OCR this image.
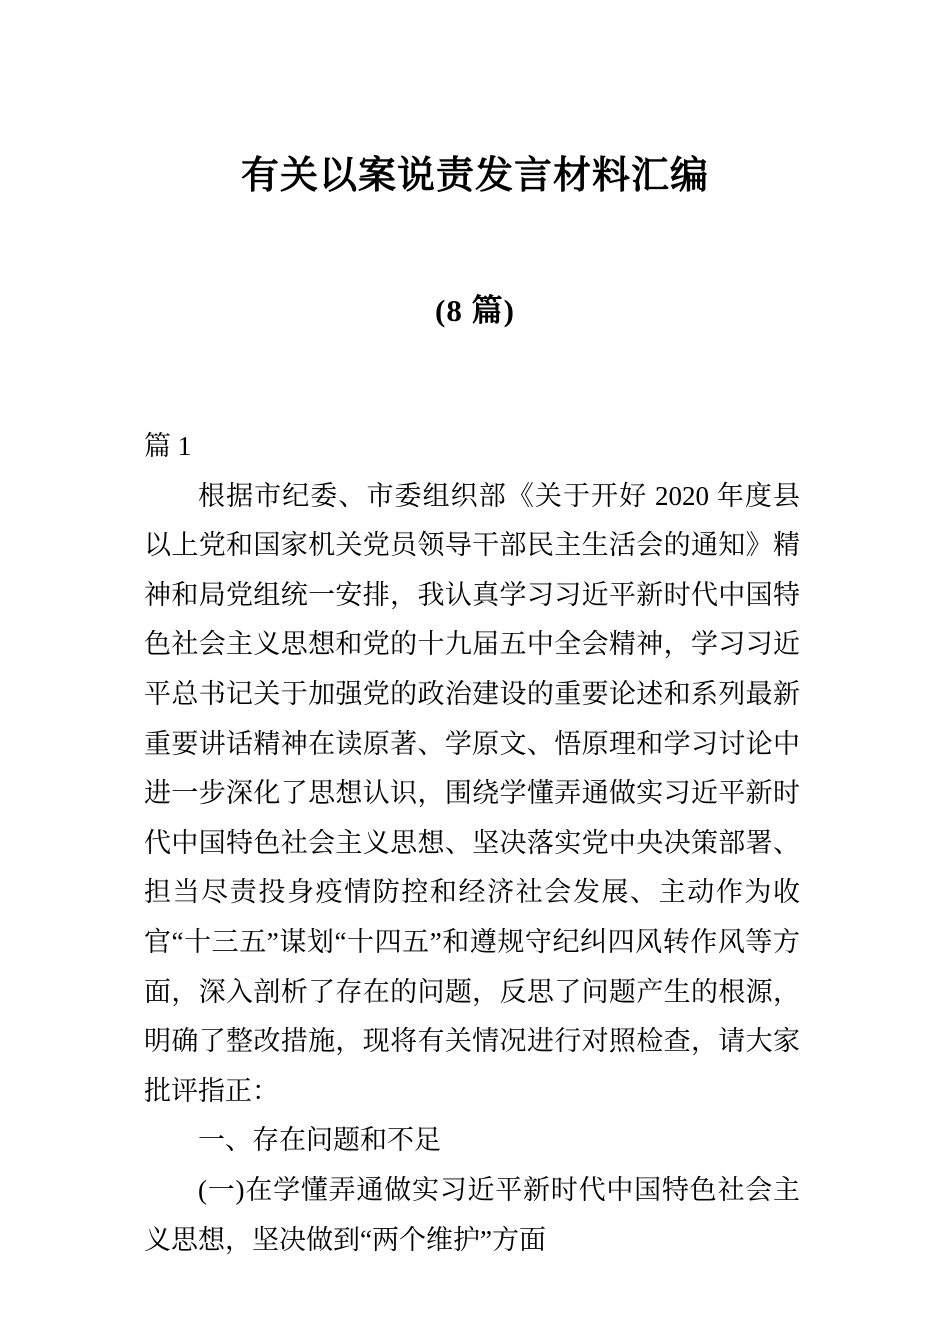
有关以案说责发言材料汇编
(8 篇)

篇 1

根据市纪委、市委组织部《关于开好 2020 年度县以上党和国家机关党员领导干部民主生活会的通知》精神和局党组统一安排，我认真学习习近平新时代中国特色社会主义思想和党的十九届五中全会精神，学习习近平总书记关于加强党的政治建设的重要论述和系列最新重要讲话精神在读原著、学原文、悟原理和学习讨论中进一步深化了思想认识，围绕学懂弄通做实习近平新时代中国特色社会主义思想、坚决落实党中央决策部署、担当尽责投身疫情防控和经济社会发展、主动作为收官“十三五”谋划“十四五”和遵规守纪纠四风转作风等方面，深入剖析了存在的问题，反思了问题产生的根源，明确了整改措施，现将有关情况进行对照检查，请大家批评指正：

一、存在问题和不足

(一)在学懂弄通做实习近平新时代中国特色社会主义思想，坚决做到“两个维护”方面
